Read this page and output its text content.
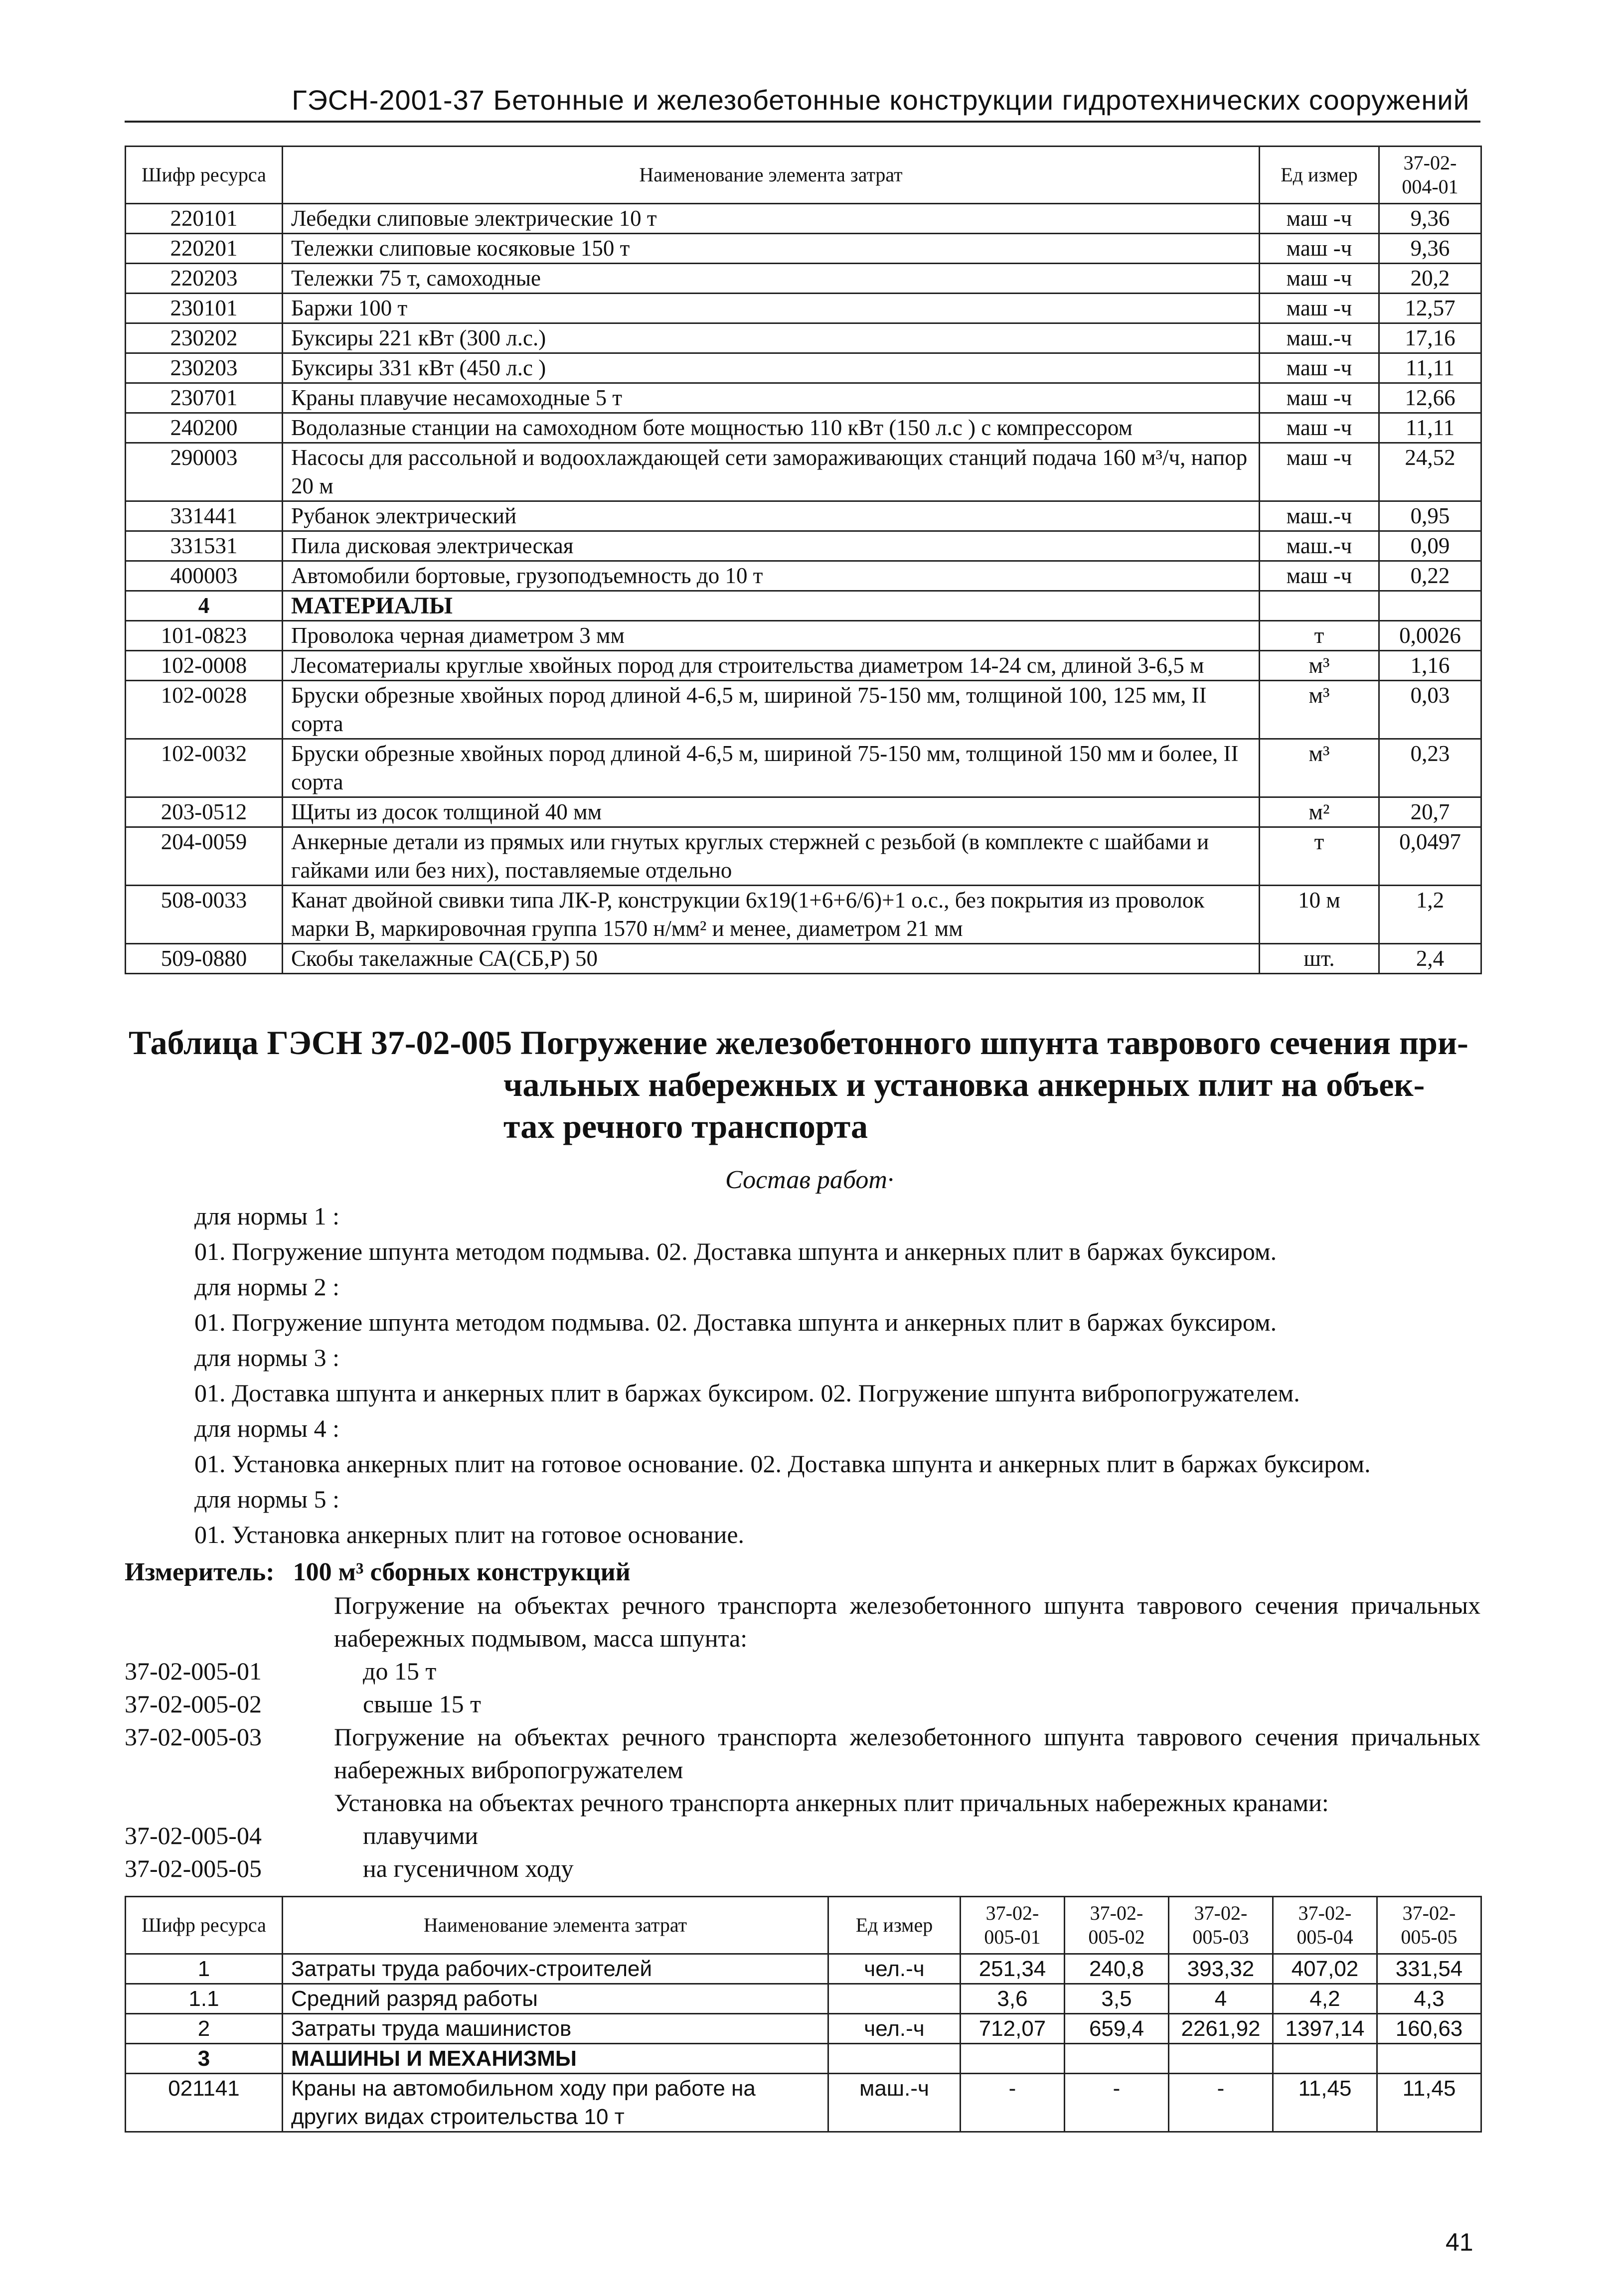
ГЭСН-2001-37 Бетонные и железобетонные конструкции гидротехнических сооружений
Шифр ресурса	Наименование элемента затрат	Ед измер	37-02-004-01
220101	Лебедки слиповые электрические 10 т	маш -ч	9,36
220201	Тележки слиповые косяковые 150 т	маш -ч	9,36
220203	Тележки 75 т, самоходные	маш -ч	20,2
230101	Баржи 100 т	маш -ч	12,57
230202	Буксиры 221 кВт (300 л.с.)	маш.-ч	17,16
230203	Буксиры 331 кВт (450 л.с )	маш -ч	11,11
230701	Краны плавучие несамоходные 5 т	маш -ч	12,66
240200	Водолазные станции на самоходном боте мощностью 110 кВт (150 л.с ) с компрессором	маш -ч	11,11
290003	Насосы для рассольной и водоохлаждающей сети замораживающих станций подача 160 м³/ч, напор 20 м	маш -ч	24,52
331441	Рубанок электрический	маш.-ч	0,95
331531	Пила дисковая электрическая	маш.-ч	0,09
400003	Автомобили бортовые, грузоподъемность до 10 т	маш -ч	0,22
4	МАТЕРИАЛЫ		
101-0823	Проволока черная диаметром 3 мм	т	0,0026
102-0008	Лесоматериалы круглые хвойных пород для строительства диаметром 14-24 см, длиной 3-6,5 м	м³	1,16
102-0028	Бруски обрезные хвойных пород длиной 4-6,5 м, шириной 75-150 мм, толщиной 100, 125 мм, II сорта	м³	0,03
102-0032	Бруски обрезные хвойных пород длиной 4-6,5 м, шириной 75-150 мм, толщиной 150 мм и более, II сорта	м³	0,23
203-0512	Щиты из досок толщиной 40 мм	м²	20,7
204-0059	Анкерные детали из прямых или гнутых круглых стержней с резьбой (в комплекте с шайбами и гайками или без них), поставляемые отдельно	т	0,0497
508-0033	Канат двойной свивки типа ЛК-Р, конструкции 6х19(1+6+6/6)+1 о.с., без покрытия из проволок марки В, маркировочная группа 1570 н/мм² и менее, диаметром 21 мм	10 м	1,2
509-0880	Скобы такелажные СА(СБ,Р) 50	шт.	2,4
Таблица ГЭСН 37-02-005 Погружение железобетонного шпунта таврового сечения при-
чальных набережных и установка анкерных плит на объек-
тах речного транспорта
Состав работ·
для нормы 1 :
01. Погружение шпунта методом подмыва. 02. Доставка шпунта и анкерных плит в баржах буксиром.
для нормы 2 :
01. Погружение шпунта методом подмыва. 02. Доставка шпунта и анкерных плит в баржах буксиром.
для нормы 3 :
01. Доставка шпунта и анкерных плит в баржах буксиром. 02. Погружение шпунта вибропогружателем.
для нормы 4 :
01. Установка анкерных плит на готовое основание. 02. Доставка шпунта и анкерных плит в баржах буксиром.
для нормы 5 :
01. Установка анкерных плит на готовое основание.
Измеритель: 100 м³ сборных конструкций
Погружение на объектах речного транспорта железобетонного шпунта таврового сечения причальных набережных подмывом, масса шпунта:
37-02-005-01	до 15 т
37-02-005-02	свыше 15 т
37-02-005-03	Погружение на объектах речного транспорта железобетонного шпунта таврового сечения причальных набережных вибропогружателем
Установка на объектах речного транспорта анкерных плит причальных набережных кранами:
37-02-005-04	плавучими
37-02-005-05	на гусеничном ходу
Шифр ресурса	Наименование элемента затрат	Ед измер	37-02-005-01	37-02-005-02	37-02-005-03	37-02-005-04	37-02-005-05
1	Затраты труда рабочих-строителей	чел.-ч	251,34	240,8	393,32	407,02	331,54
1.1	Средний разряд работы		3,6	3,5	4	4,2	4,3
2	Затраты труда машинистов	чел.-ч	712,07	659,4	2261,92	1397,14	160,63
3	МАШИНЫ И МЕХАНИЗМЫ						
021141	Краны на автомобильном ходу при работе на других видах строительства 10 т	маш.-ч	-	-	-	11,45	11,45
41
